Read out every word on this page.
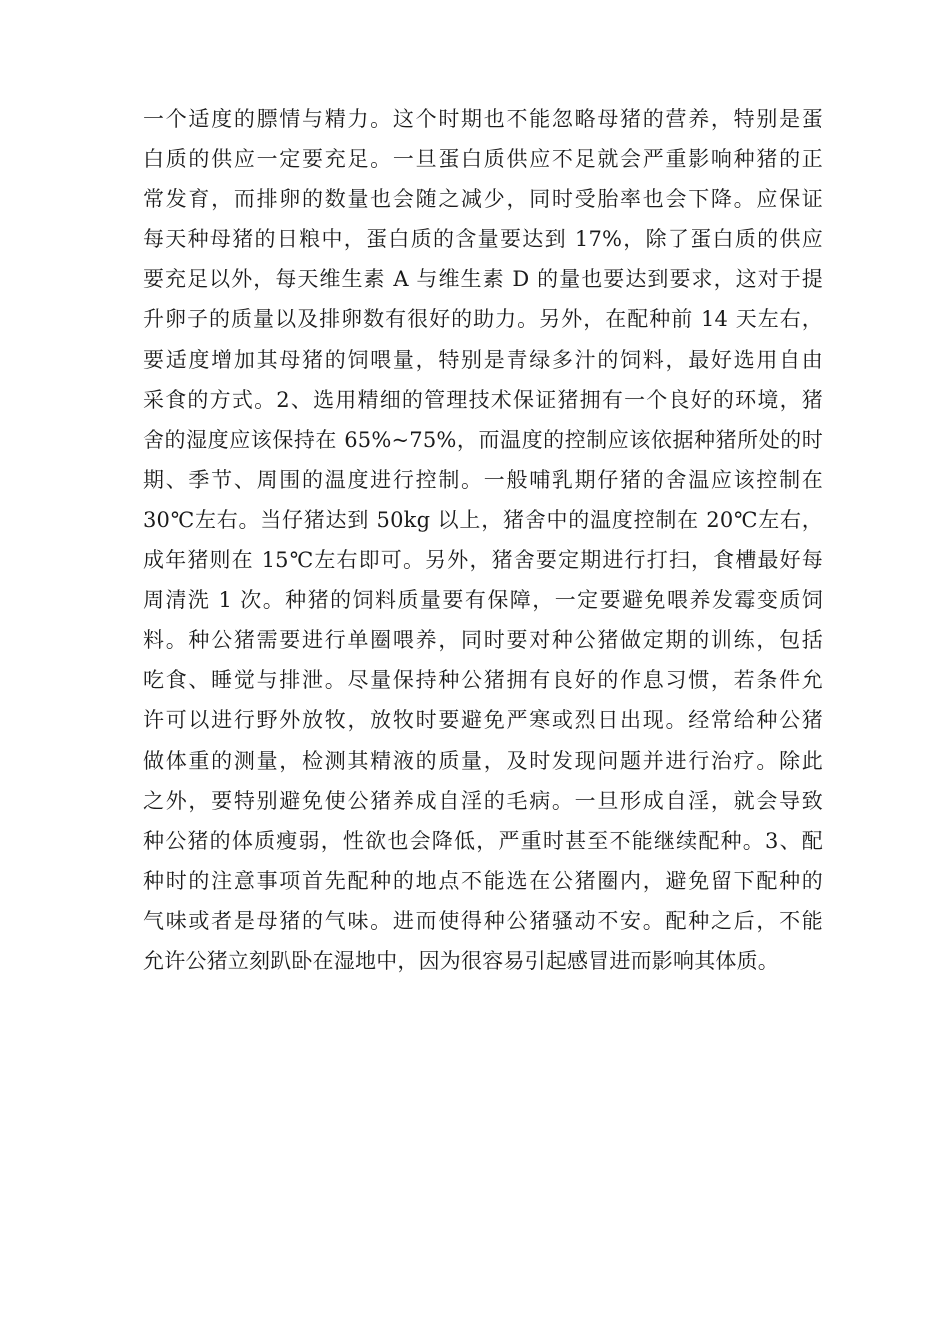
一个适度的膘情与精力。这个时期也不能忽略母猪的营养，特别是蛋
白质的供应一定要充足。一旦蛋白质供应不足就会严重影响种猪的正
常发育，而排卵的数量也会随之减少，同时受胎率也会下降。应保证
每天种母猪的日粮中，蛋白质的含量要达到 17%，除了蛋白质的供应
要充足以外，每天维生素 A 与维生素 D 的量也要达到要求，这对于提
升卵子的质量以及排卵数有很好的助力。另外，在配种前 14 天左右，
要适度增加其母猪的饲喂量，特别是青绿多汁的饲料，最好选用自由
采食的方式。2、选用精细的管理技术保证猪拥有一个良好的环境，猪
舍的湿度应该保持在 65%~75%，而温度的控制应该依据种猪所处的时
期、季节、周围的温度进行控制。一般哺乳期仔猪的舍温应该控制在
30℃左右。当仔猪达到 50kg 以上，猪舍中的温度控制在 20℃左右，
成年猪则在 15℃左右即可。另外，猪舍要定期进行打扫，食槽最好每
周清洗 1 次。种猪的饲料质量要有保障，一定要避免喂养发霉变质饲
料。种公猪需要进行单圈喂养，同时要对种公猪做定期的训练，包括
吃食、睡觉与排泄。尽量保持种公猪拥有良好的作息习惯，若条件允
许可以进行野外放牧，放牧时要避免严寒或烈日出现。经常给种公猪
做体重的测量，检测其精液的质量，及时发现问题并进行治疗。除此
之外，要特别避免使公猪养成自淫的毛病。一旦形成自淫，就会导致
种公猪的体质瘦弱，性欲也会降低，严重时甚至不能继续配种。3、配
种时的注意事项首先配种的地点不能选在公猪圈内，避免留下配种的
气味或者是母猪的气味。进而使得种公猪骚动不安。配种之后，不能
允许公猪立刻趴卧在湿地中，因为很容易引起感冒进而影响其体质。
